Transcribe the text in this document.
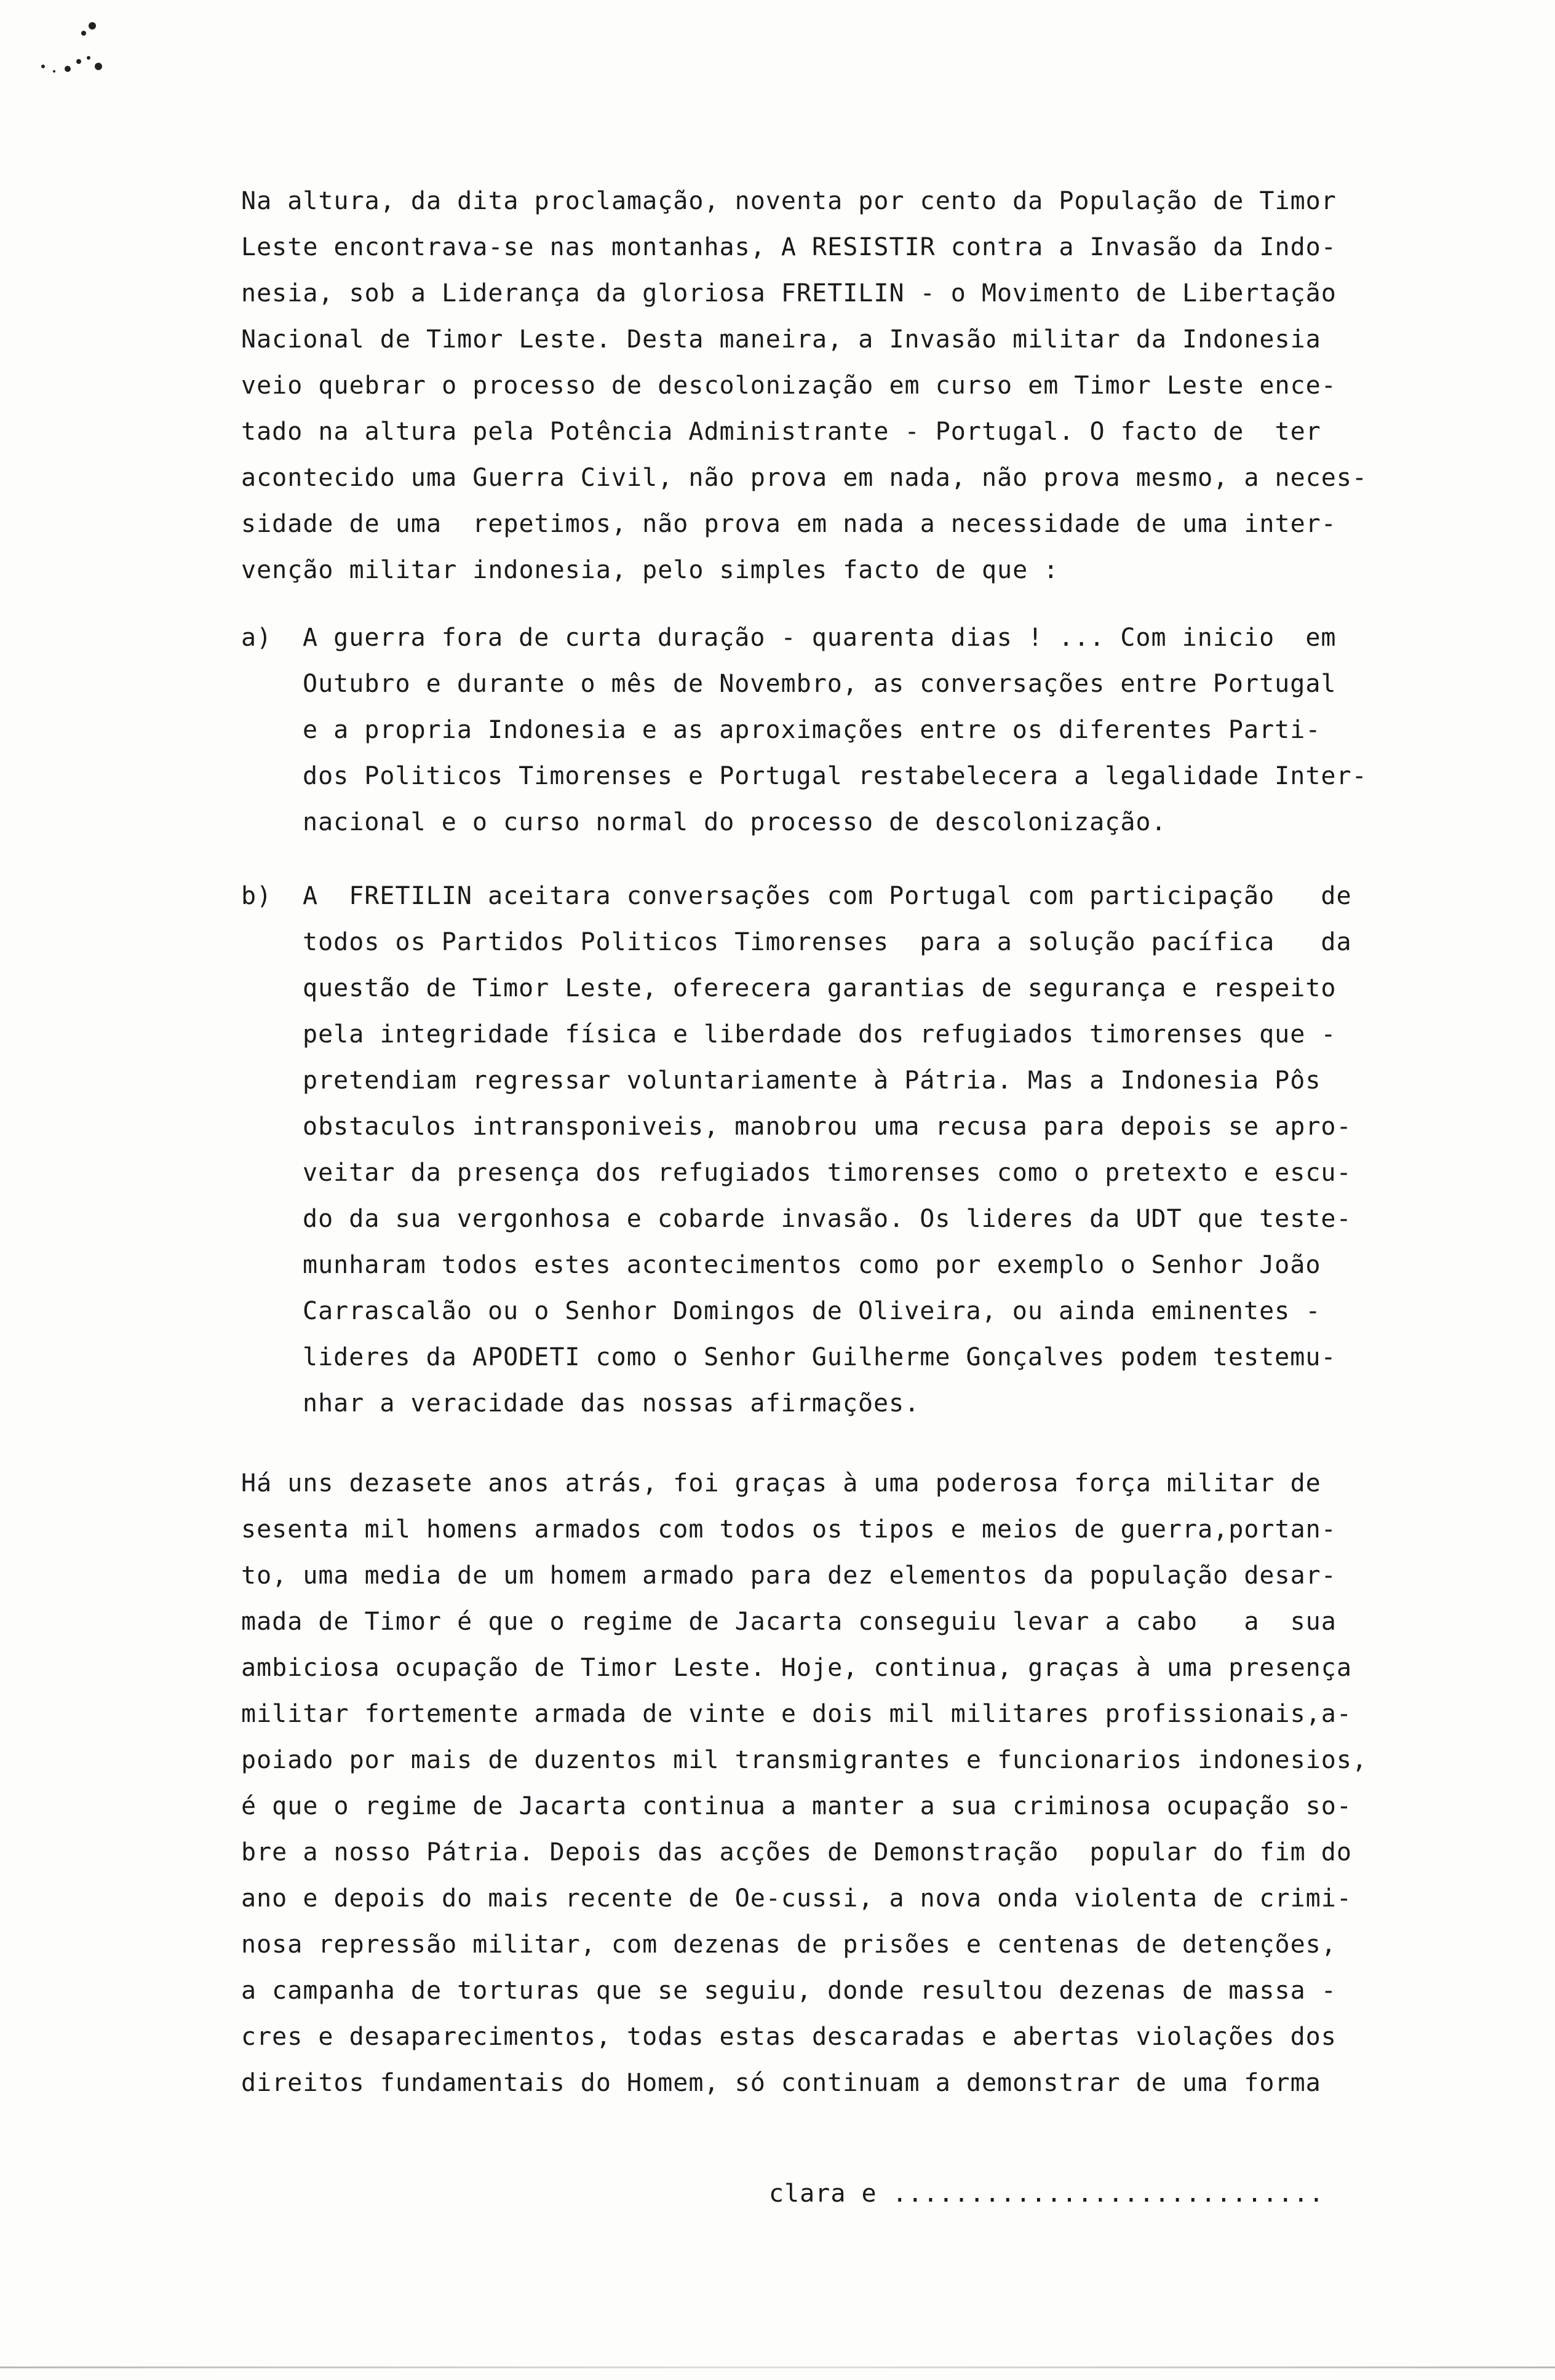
Na altura, da dita proclamação, noventa por cento da População de Timor
Leste encontrava-se nas montanhas, A RESISTIR contra a Invasão da Indo-
nesia, sob a Liderança da gloriosa FRETILIN - o Movimento de Libertação
Nacional de Timor Leste. Desta maneira, a Invasão militar da Indonesia
veio quebrar o processo de descolonização em curso em Timor Leste ence-
tado na altura pela Potência Administrante - Portugal. O facto de  ter
acontecido uma Guerra Civil, não prova em nada, não prova mesmo, a neces-
sidade de uma  repetimos, não prova em nada a necessidade de uma inter-
venção militar indonesia, pelo simples facto de que :
a)	A guerra fora de curta duração - quarenta dias ! ... Com inicio  em
Outubro e durante o mês de Novembro, as conversações entre Portugal
e a propria Indonesia e as aproximações entre os diferentes Parti-
dos Politicos Timorenses e Portugal restabelecera a legalidade Inter-
nacional e o curso normal do processo de descolonização.
b)	A  FRETILIN aceitara conversações com Portugal com participação   de
todos os Partidos Politicos Timorenses  para a solução pacífica   da
questão de Timor Leste, oferecera garantias de segurança e respeito
pela integridade física e liberdade dos refugiados timorenses que -
pretendiam regressar voluntariamente à Pátria. Mas a Indonesia Pôs
obstaculos intransponiveis, manobrou uma recusa para depois se apro-
veitar da presença dos refugiados timorenses como o pretexto e escu-
do da sua vergonhosa e cobarde invasão. Os lideres da UDT que teste-
munharam todos estes acontecimentos como por exemplo o Senhor João
Carrascalão ou o Senhor Domingos de Oliveira, ou ainda eminentes -
lideres da APODETI como o Senhor Guilherme Gonçalves podem testemu-
nhar a veracidade das nossas afirmações.
Há uns dezasete anos atrás, foi graças à uma poderosa força militar de
sesenta mil homens armados com todos os tipos e meios de guerra,portan-
to, uma media de um homem armado para dez elementos da população desar-
mada de Timor é que o regime de Jacarta conseguiu levar a cabo   a  sua
ambiciosa ocupação de Timor Leste. Hoje, continua, graças à uma presença
militar fortemente armada de vinte e dois mil militares profissionais,a-
poiado por mais de duzentos mil transmigrantes e funcionarios indonesios,
é que o regime de Jacarta continua a manter a sua criminosa ocupação so-
bre a nosso Pátria. Depois das acções de Demonstração  popular do fim do
ano e depois do mais recente de Oe-cussi, a nova onda violenta de crimi-
nosa repressão militar, com dezenas de prisões e centenas de detenções,
a campanha de torturas que se seguiu, donde resultou dezenas de massa -
cres e desaparecimentos, todas estas descaradas e abertas violações dos
direitos fundamentais do Homem, só continuam a demonstrar de uma forma
clara e ............................
